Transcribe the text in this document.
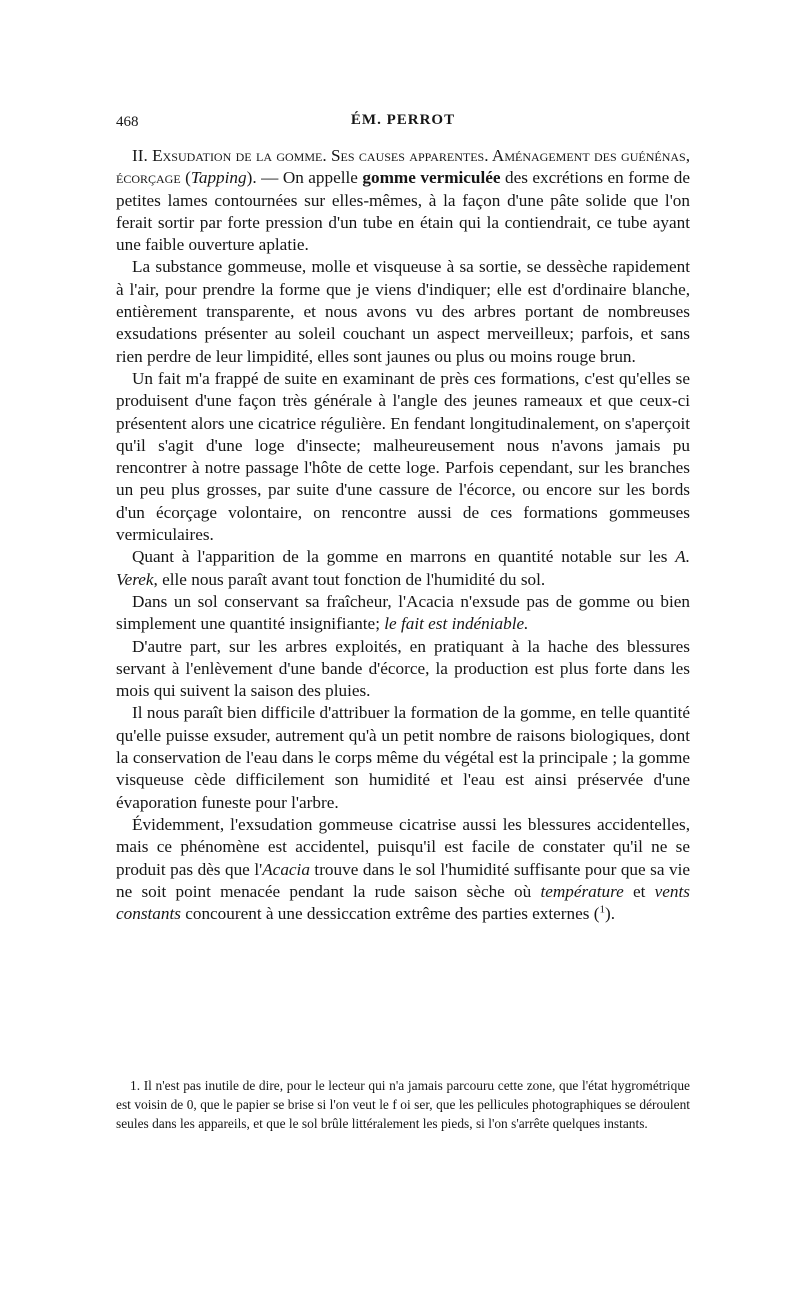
468	ÉM. PERROT

II. Exsudation de la gomme. Ses causes apparentes. Aménagement des guénénas, écorçage (Tapping). — On appelle gomme vermiculée des excrétions en forme de petites lames contournées sur elles-mêmes, à la façon d'une pâte solide que l'on ferait sortir par forte pression d'un tube en étain qui la contiendrait, ce tube ayant une faible ouverture aplatie.

La substance gommeuse, molle et visqueuse à sa sortie, se dessèche rapidement à l'air, pour prendre la forme que je viens d'indiquer; elle est d'ordinaire blanche, entièrement transparente, et nous avons vu des arbres portant de nombreuses exsudations présenter au soleil couchant un aspect merveilleux; parfois, et sans rien perdre de leur limpidité, elles sont jaunes ou plus ou moins rouge brun.

Un fait m'a frappé de suite en examinant de près ces formations, c'est qu'elles se produisent d'une façon très générale à l'angle des jeunes rameaux et que ceux-ci présentent alors une cicatrice régulière. En fendant longitudinalement, on s'aperçoit qu'il s'agit d'une loge d'insecte; malheureusement nous n'avons jamais pu rencontrer à notre passage l'hôte de cette loge. Parfois cependant, sur les branches un peu plus grosses, par suite d'une cassure de l'écorce, ou encore sur les bords d'un écorçage volontaire, on rencontre aussi de ces formations gommeuses vermiculaires.

Quant à l'apparition de la gomme en marrons en quantité notable sur les A. Verek, elle nous paraît avant tout fonction de l'humidité du sol.

Dans un sol conservant sa fraîcheur, l'Acacia n'exsude pas de gomme ou bien simplement une quantité insignifiante; le fait est indéniable.

D'autre part, sur les arbres exploités, en pratiquant à la hache des blessures servant à l'enlèvement d'une bande d'écorce, la production est plus forte dans les mois qui suivent la saison des pluies.

Il nous paraît bien difficile d'attribuer la formation de la gomme, en telle quantité qu'elle puisse exsuder, autrement qu'à un petit nombre de raisons biologiques, dont la conservation de l'eau dans le corps même du végétal est la principale ; la gomme visqueuse cède difficilement son humidité et l'eau est ainsi préservée d'une évaporation funeste pour l'arbre.

Évidemment, l'exsudation gommeuse cicatrise aussi les blessures accidentelles, mais ce phénomène est accidentel, puisqu'il est facile de constater qu'il ne se produit pas dès que l'Acacia trouve dans le sol l'humidité suffisante pour que sa vie ne soit point menacée pendant la rude saison sèche où température et vents constants concourent à une dessiccation extrême des parties externes ($^1$).

1. Il n'est pas inutile de dire, pour le lecteur qui n'a jamais parcouru cette zone, que l'état hygrométrique est voisin de 0, que le papier se brise si l'on veut le f oi ser, que les pellicules photographiques se déroulent seules dans les appareils, et que le sol brûle littéralement les pieds, si l'on s'arrête quelques instants.
